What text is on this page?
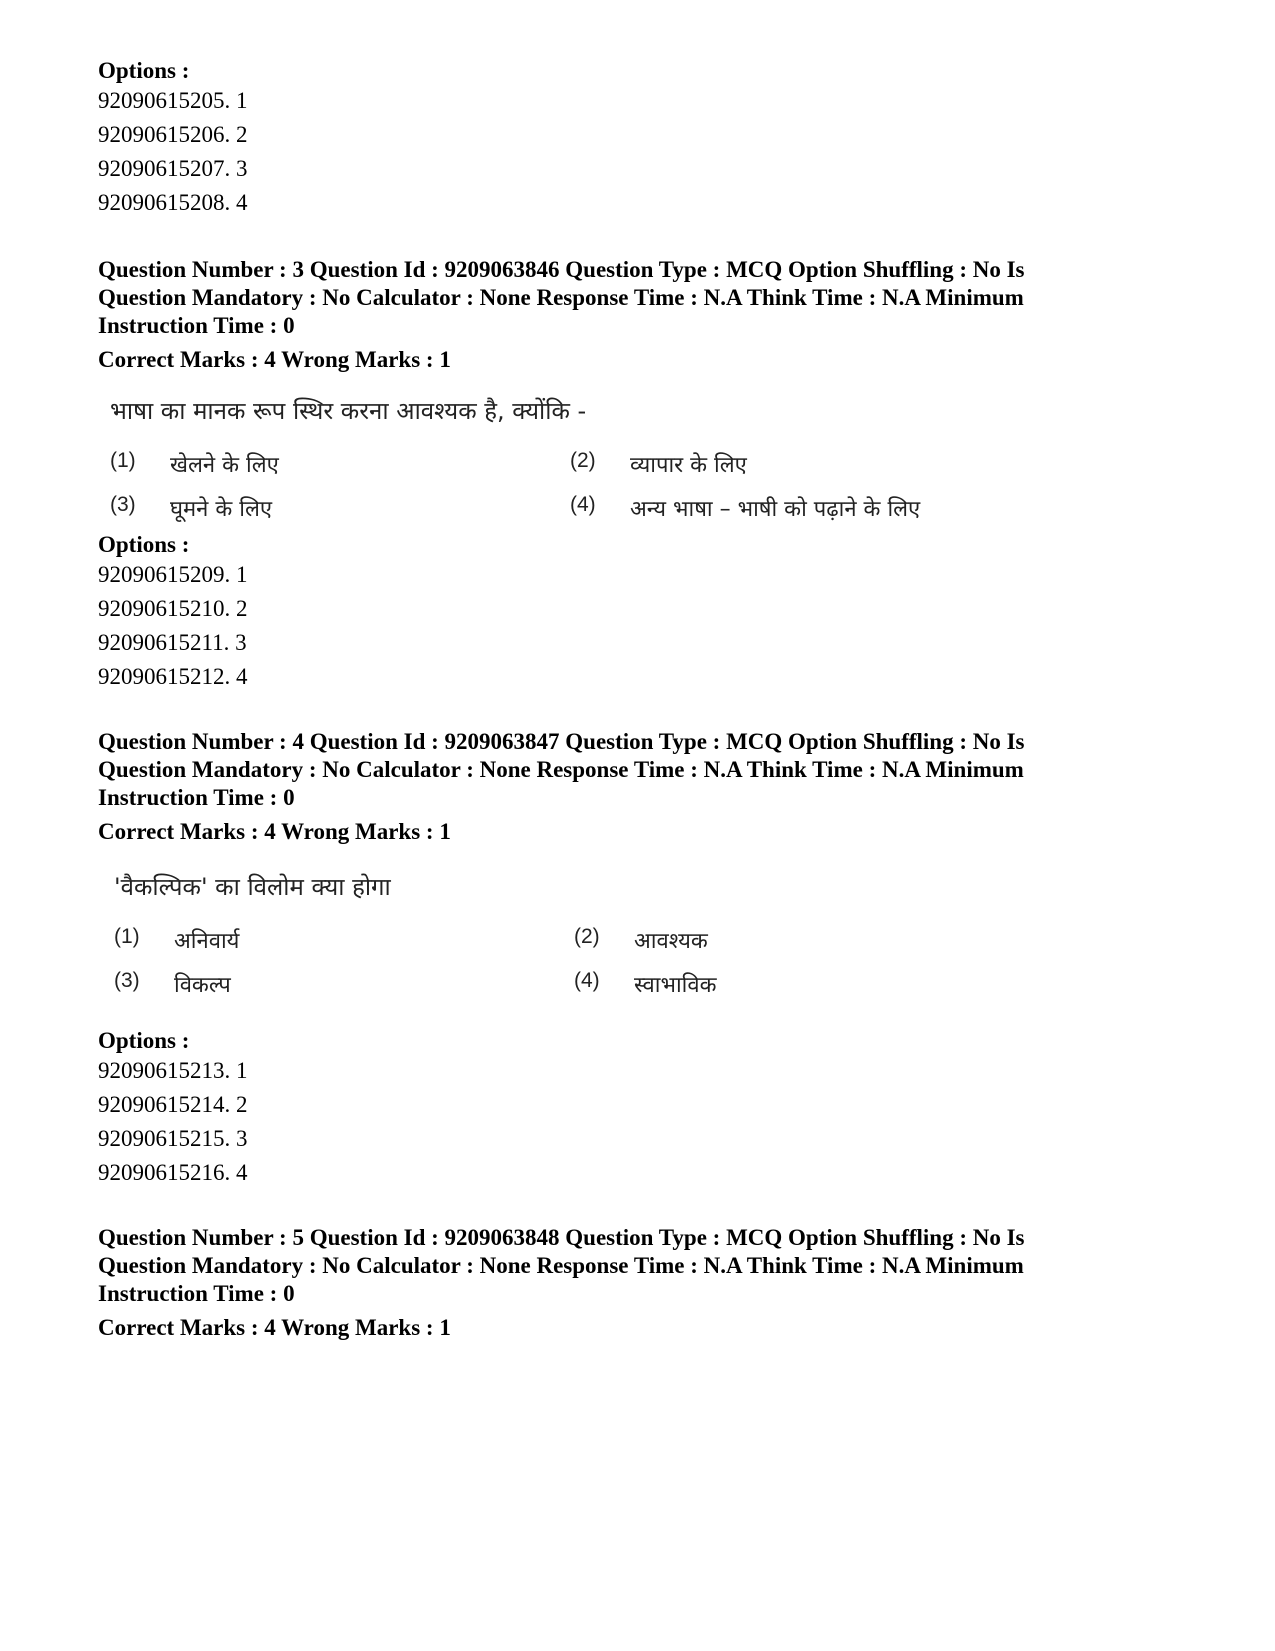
Options :

92090615205. 1

92090615206. 2

92090615207. 3

92090615208. 4

Question Number : 3 Question Id : 9209063846 Question Type : MCQ Option Shuffling : No Is Question Mandatory : No Calculator : None Response Time : N.A Think Time : N.A Minimum Instruction Time : 0

Correct Marks : 4 Wrong Marks : 1

भाषा का मानक रूप स्थिर करना आवश्यक है, क्योंकि -

(1)	खेलने के लिए	(2)	व्यापार के लिए
(3)	घूमने के लिए	(4)	अन्य भाषा – भाषी को पढ़ाने के लिए

Options :

92090615209. 1

92090615210. 2

92090615211. 3

92090615212. 4

Question Number : 4 Question Id : 9209063847 Question Type : MCQ Option Shuffling : No Is Question Mandatory : No Calculator : None Response Time : N.A Think Time : N.A Minimum Instruction Time : 0

Correct Marks : 4 Wrong Marks : 1

'वैकल्पिक' का विलोम क्या होगा

(1)	अनिवार्य	(2)	आवश्यक
(3)	विकल्प	(4)	स्वाभाविक

Options :

92090615213. 1

92090615214. 2

92090615215. 3

92090615216. 4

Question Number : 5 Question Id : 9209063848 Question Type : MCQ Option Shuffling : No Is Question Mandatory : No Calculator : None Response Time : N.A Think Time : N.A Minimum Instruction Time : 0

Correct Marks : 4 Wrong Marks : 1
